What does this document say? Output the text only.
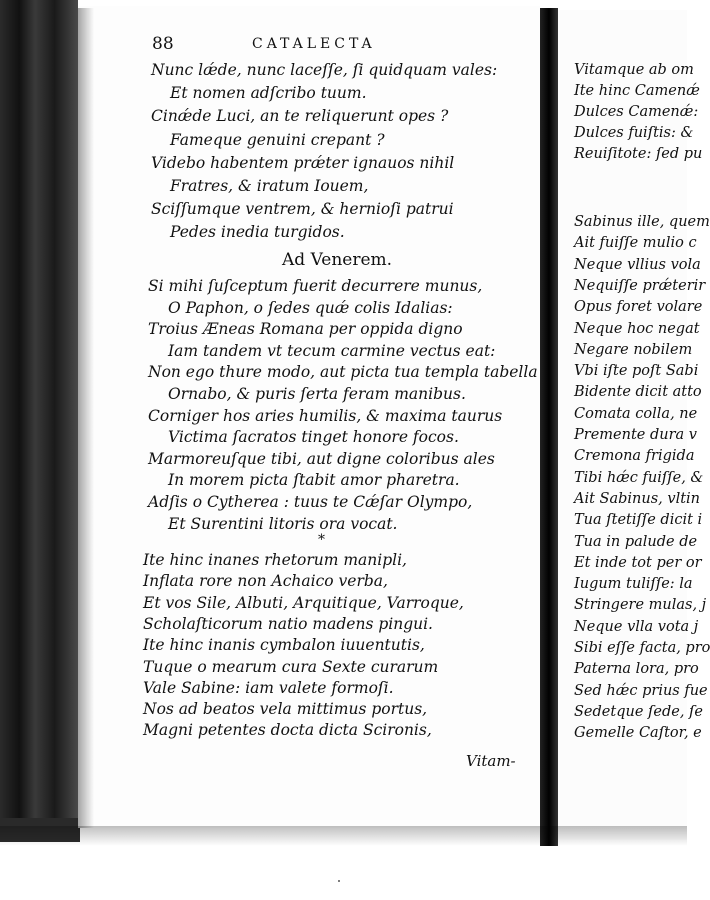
Vitamque ab om
Ite hinc Camenǽ
Dulces Camenǽ:
Dulces fuiſtis: &
Reuiſitote: ſed pu
Sabinus ille, quem
Ait fuiſſe mulio c
Neque vllius vola
Nequiſſe prǽterir
Opus foret volare
Neque hoc negat
Negare nobilem
Vbi iſte poſt Sabi
Bidente dicit atto
Comata colla, ne
Premente dura v
Cremona frigida
Tibi hǽc fuiſſe, &
Ait Sabinus, vltin
Tua ſtetiſſe dicit i
Tua in palude de
Et inde tot per or
Iugum tuliſſe: la
Stringere mulas, j
Neque vlla vota j
Sibi eſſe facta, pro
Paterna lora, pro
Sed hǽc prius fue
Sedetque ſede, ſe
Gemelle Caſtor, e
88	CATALECTA
Nunc lǽde, nunc laceſſe, ſi quidquam vales:
Et nomen adſcribo tuum.
Cinǽde Luci, an te reliquerunt opes ?
Fameque genuini crepant ?
Videbo habentem prǽter ignauos nihil
Fratres, & iratum Iouem,
Sciſſumque ventrem, & hernioſi patrui
Pedes inedia turgidos.
Si mihi ſuſceptum fuerit decurrere munus,
O Paphon, o ſedes quǽ colis Idalias:
Troius Æneas Romana per oppida digno
Iam tandem vt tecum carmine vectus eat:
Non ego thure modo, aut picta tua templa tabella
Ornabo, & puris ſerta feram manibus.
Corniger hos aries humilis, & maxima taurus
Victima ſacratos tinget honore focos.
Marmoreuſque tibi, aut digne coloribus ales
In morem picta ſtabit amor pharetra.
Adſis o Cytherea : tuus te Cǽſar Olympo,
Et Surentini litoris ora vocat.
Ite hinc inanes rhetorum manipli,
Inflata rore non Achaico verba,
Et vos Sile, Albuti, Arquitique, Varroque,
Scholaſticorum natio madens pingui.
Ite hinc inanis cymbalon iuuentutis,
Tuque o mearum cura Sexte curarum
Vale Sabine: iam valete formoſi.
Nos ad beatos vela mittimus portus,
Magni petentes docta dicta Scironis,
Ad Venerem.
*
Vitam-
